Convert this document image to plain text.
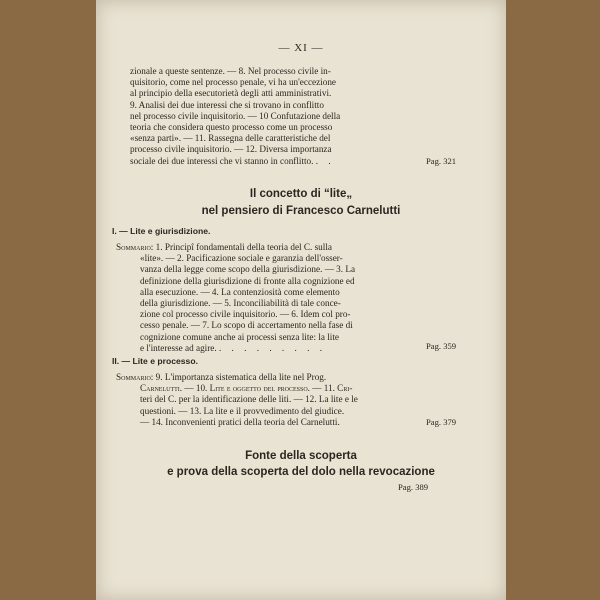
— XI —

zionale a queste sentenze. — 8. Nel processo civile in-

quisitorio, come nel processo penale, vi ha un'eccezione

al principio della esecutorietà degli atti amministrativi.

9. Analisi dei due interessi che si trovano in conflitto

nel processo civile inquisitorio. — 10 Confutazione della

teoria che considera questo processo come un processo

«senza parti». — 11. Rassegna delle caratteristiche del

processo civile inquisitorio. — 12. Diversa importanza

sociale dei due interessi che vi stanno in conflitto. . .	Pag. 321
Il concetto di “lite„
nel pensiero di Francesco Carnelutti
I. — Lite e giurisdizione.

Sommario: 1. Principî fondamentali della teoria del C. sulla

«lite». — 2. Pacificazione sociale e garanzia dell'osser-

vanza della legge come scopo della giurisdizione. — 3. La

definizione della giurisdizione di fronte alla cognizione ed

alla esecuzione. — 4. La contenziosità come elemento

della giurisdizione. — 5. Inconciliabilità di tale conce-

zione col processo civile inquisitorio. — 6. Idem col pro-

cesso penale. — 7. Lo scopo di accertamento nella fase di

cognizione comune anche ai processi senza lite: la lite

e l'interesse ad agire. . . . . . . . . .	Pag. 359
II. — Lite e processo.

Sommario: 9. L'importanza sistematica della lite nel Prog.

Carnelutti. — 10. Lite e oggetto del processo. — 11. Cri-

teri del C. per la identificazione delle liti. — 12. La lite e le

questioni. — 13. La lite e il provvedimento del giudice.

— 14. Inconvenienti pratici della teoria del Carnelutti.	Pag. 379
Fonte della scoperta
e prova della scoperta del dolo nella revocazione
Pag. 389
